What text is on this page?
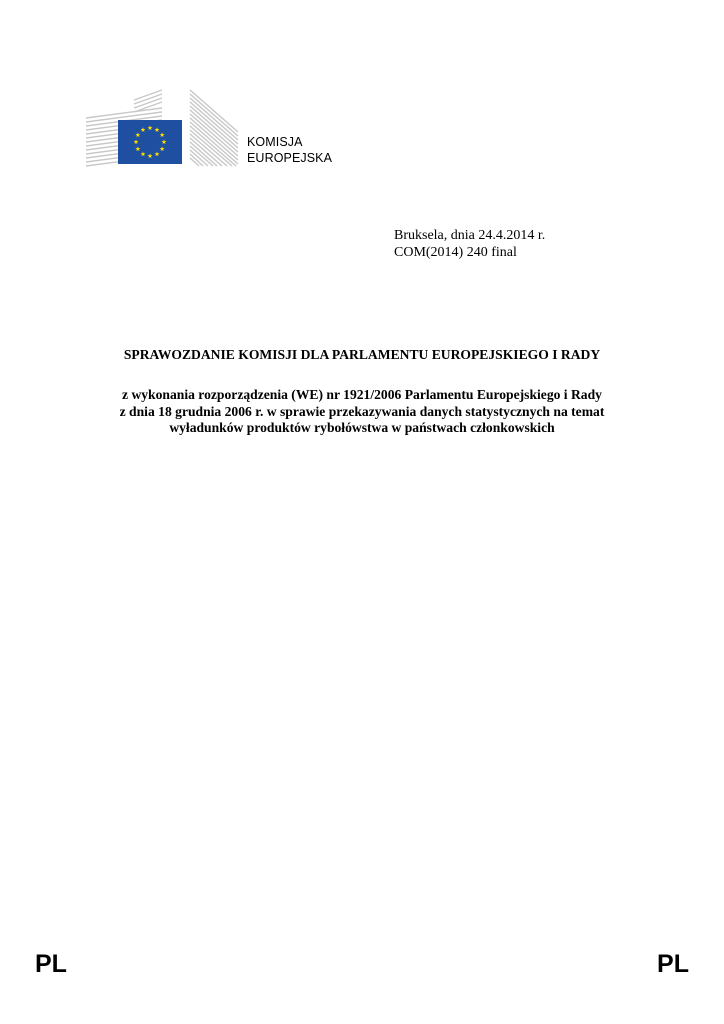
KOMISJA
EUROPEJSKA
Bruksela, dnia 24.4.2014 r.
COM(2014) 240 final
SPRAWOZDANIE KOMISJI DLA PARLAMENTU EUROPEJSKIEGO I RADY
z wykonania rozporządzenia (WE) nr 1921/2006 Parlamentu Europejskiego i Rady
z dnia 18 grudnia 2006 r. w sprawie przekazywania danych statystycznych na temat
wyładunków produktów rybołówstwa w państwach członkowskich
PL	PL
